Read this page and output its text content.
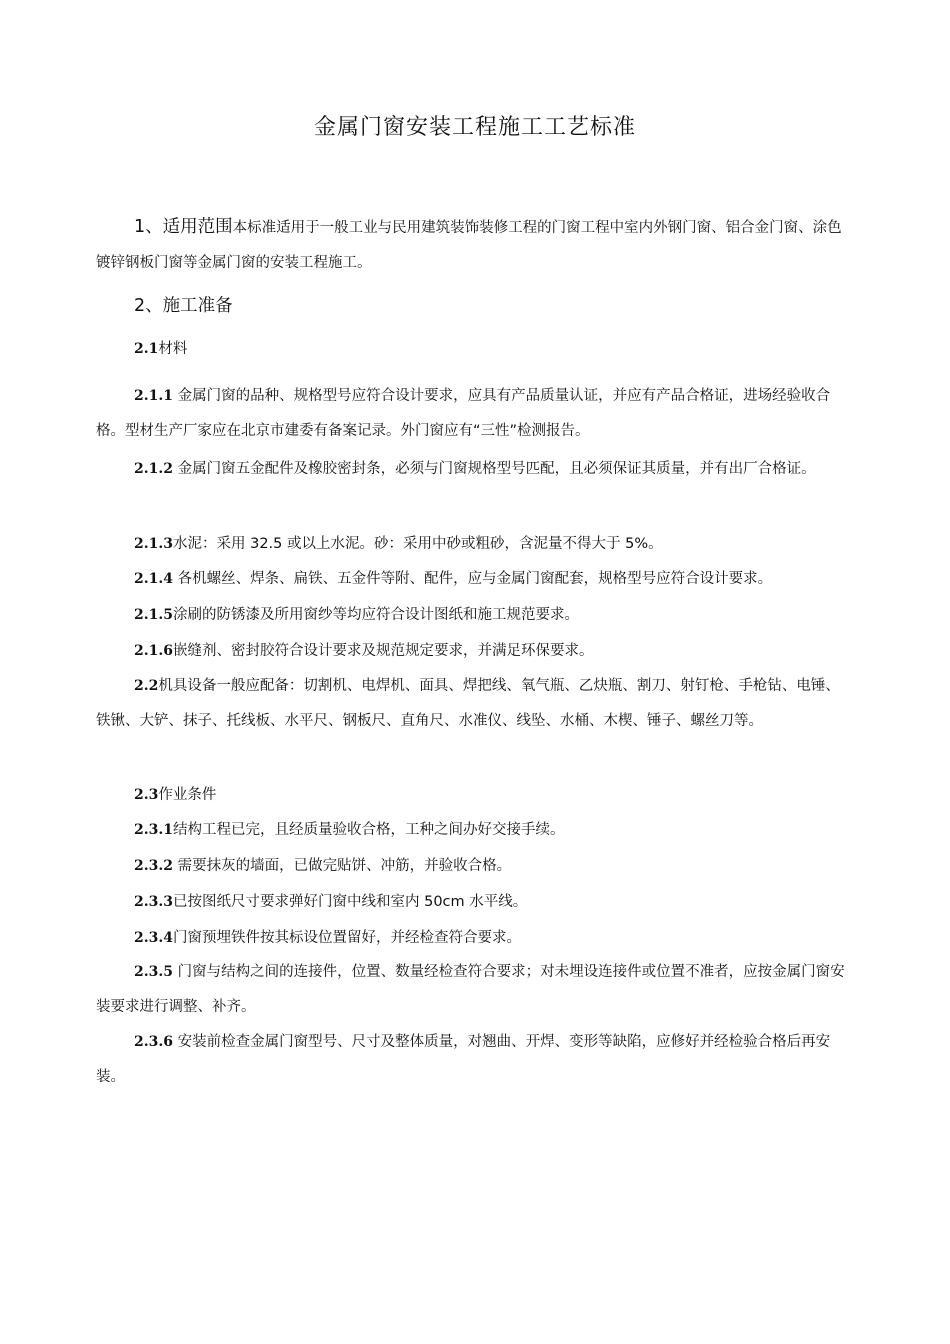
金属门窗安装工程施工工艺标准

1、适用范围本标准适用于一般工业与民用建筑装饰装修工程的门窗工程中室内外钢门窗、铝合金门窗、涂色镀锌钢板门窗等金属门窗的安装工程施工。

2、施工准备
2.1材料

2.1.1 金属门窗的品种、规格型号应符合设计要求，应具有产品质量认证，并应有产品合格证，进场经验收合格。型材生产厂家应在北京市建委有备案记录。外门窗应有“三性”检测报告。

2.1.2 金属门窗五金配件及橡胶密封条，必须与门窗规格型号匹配，且必须保证其质量，并有出厂合格证。

2.1.3水泥：采用 32.5 或以上水泥。砂：采用中砂或粗砂，含泥量不得大于 5%。
2.1.4 各机螺丝、焊条、扁铁、五金件等附、配件，应与金属门窗配套，规格型号应符合设计要求。
2.1.5涂刷的防锈漆及所用窗纱等均应符合设计图纸和施工规范要求。
2.1.6嵌缝剂、密封胶符合设计要求及规范规定要求，并满足环保要求。

2.2机具设备一般应配备：切割机、电焊机、面具、焊把线、氧气瓶、乙炔瓶、割刀、射钉枪、手枪钻、电锤、铁锹、大铲、抹子、托线板、水平尺、钢板尺、直角尺、水准仪、线坠、水桶、木楔、锤子、螺丝刀等。

2.3作业条件
2.3.1结构工程已完，且经质量验收合格，工种之间办好交接手续。
2.3.2 需要抹灰的墙面，已做完贴饼、冲筋，并验收合格。
2.3.3已按图纸尺寸要求弹好门窗中线和室内 50cm 水平线。
2.3.4门窗预埋铁件按其标设位置留好，并经检查符合要求。

2.3.5 门窗与结构之间的连接件，位置、数量经检查符合要求；对未埋设连接件或位置不准者，应按金属门窗安装要求进行调整、补齐。

2.3.6 安装前检查金属门窗型号、尺寸及整体质量，对翘曲、开焊、变形等缺陷，应修好并经检验合格后再安装。
